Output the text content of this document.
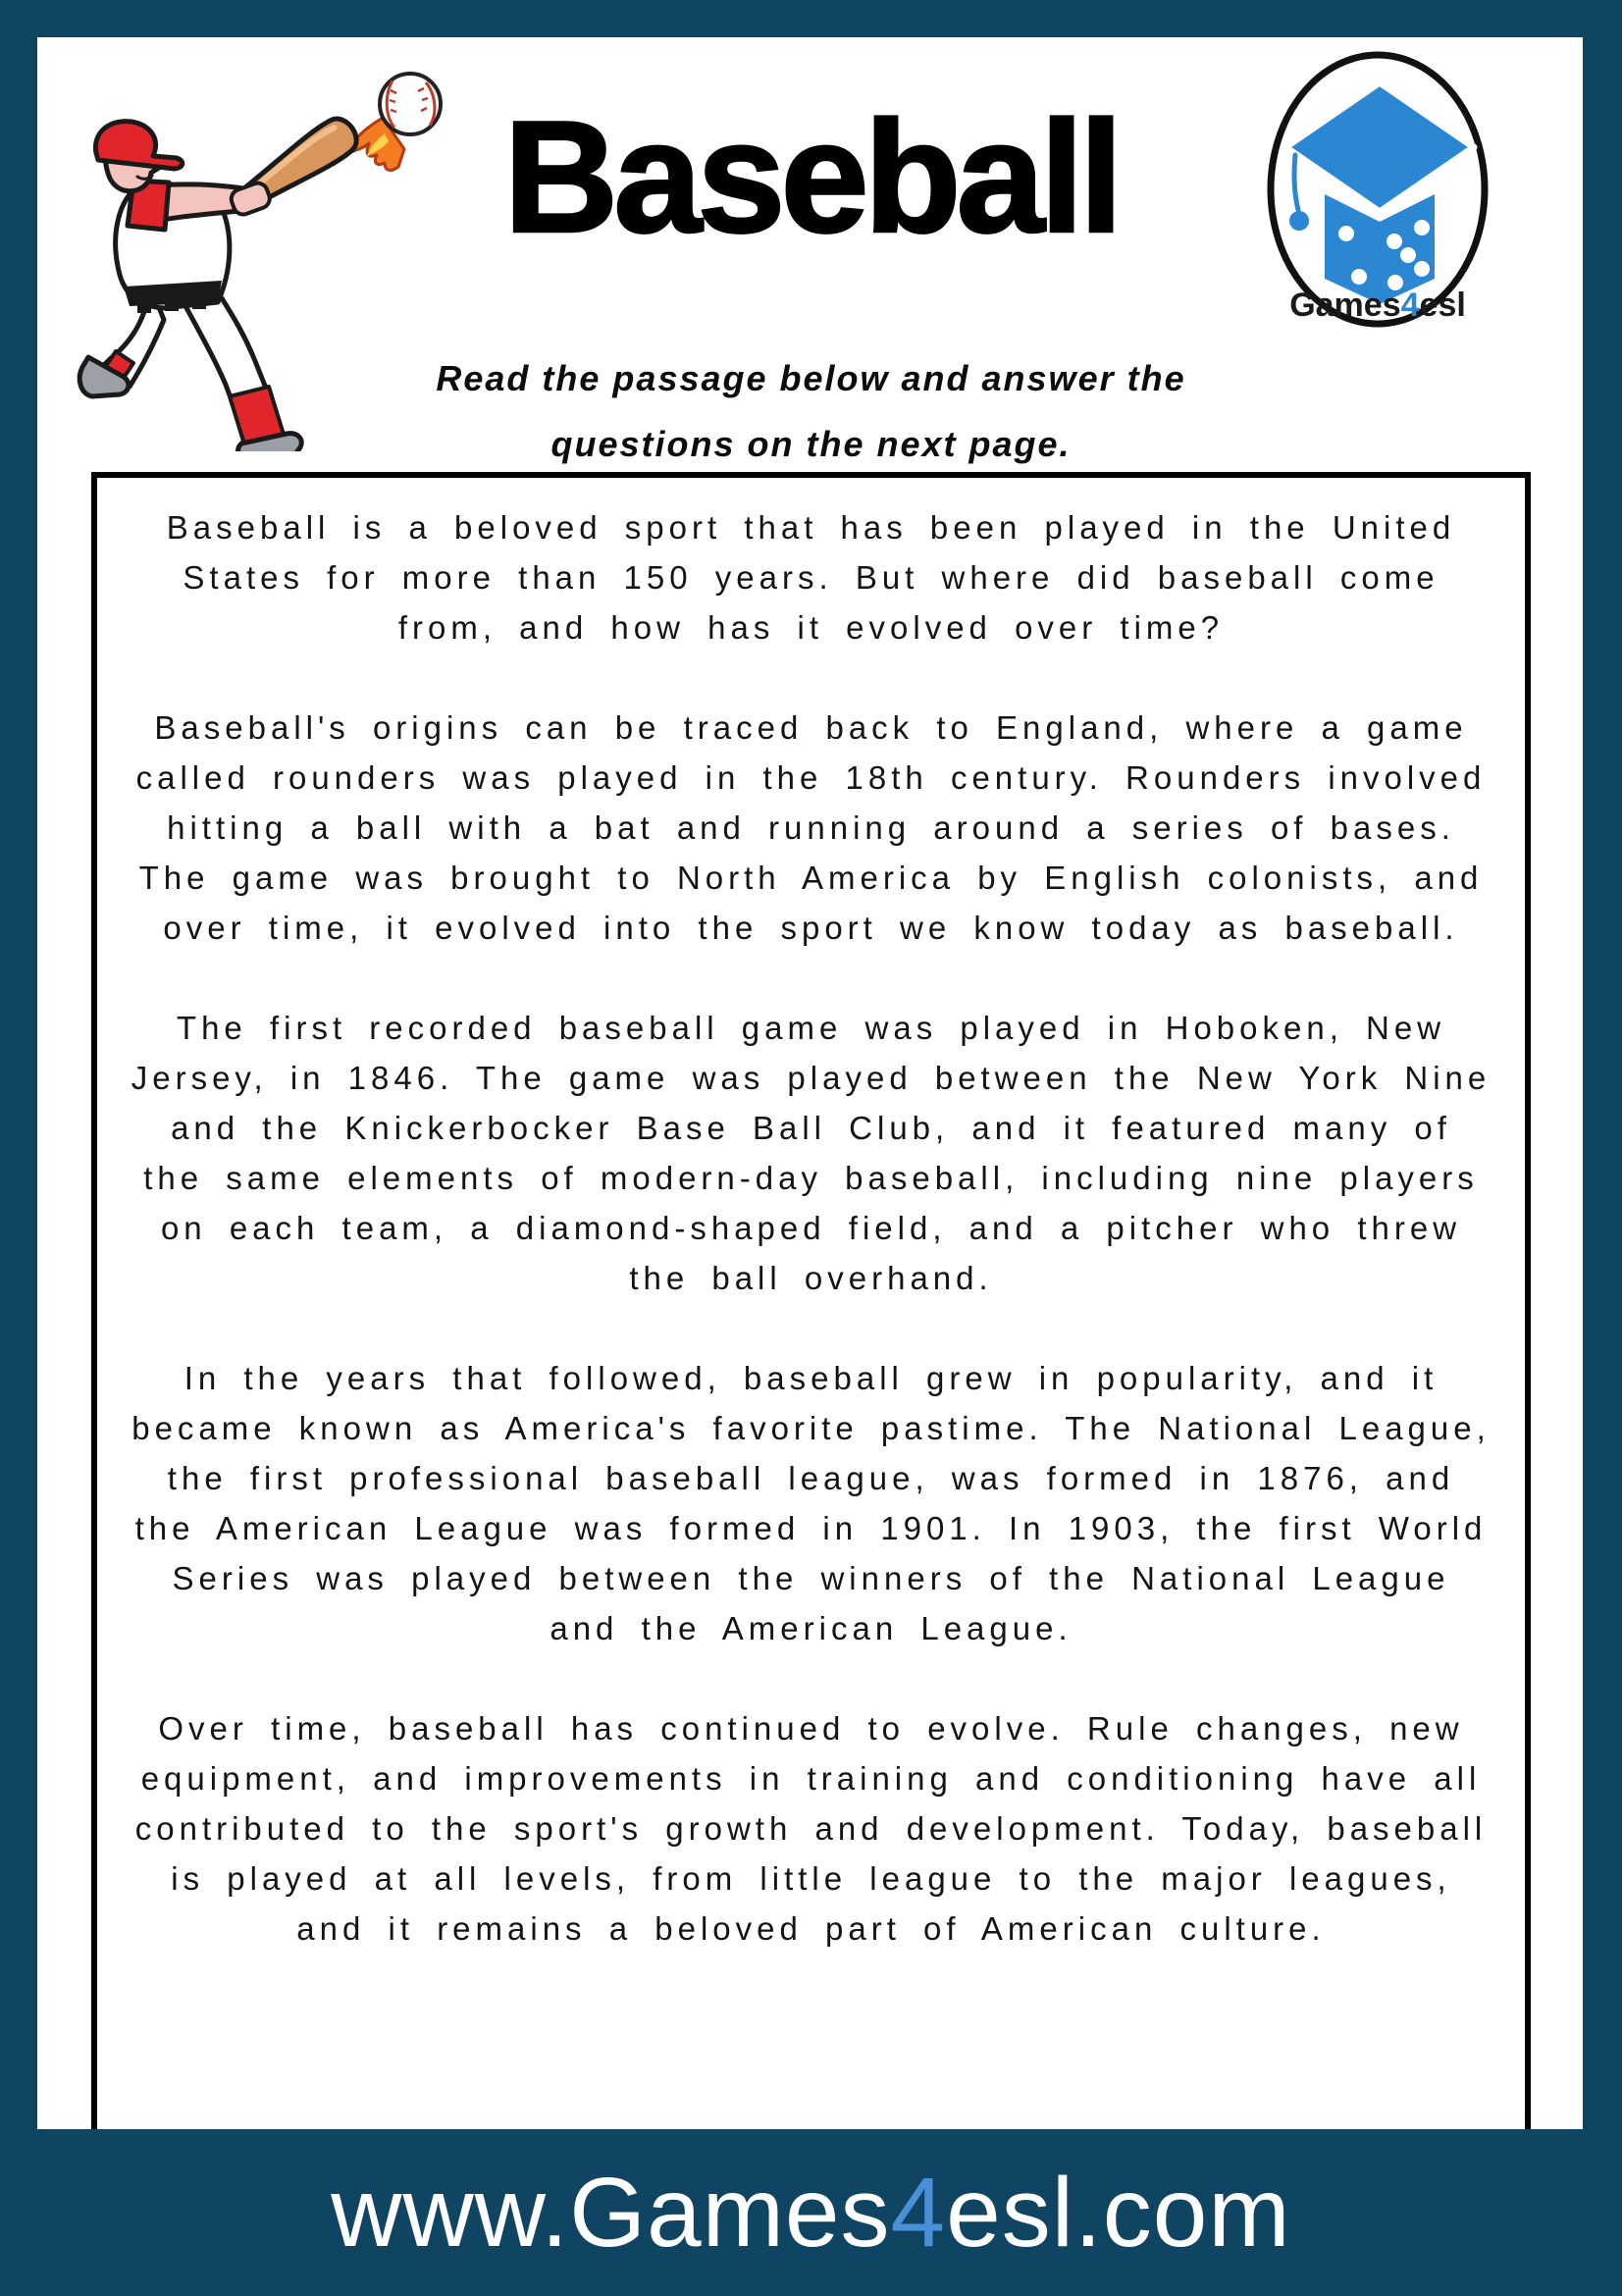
Baseball
Read the passage below and answer the
questions on the next page.
Games4esl

Baseball is a beloved sport that has been played in the United States for more than 150 years. But where did baseball come from, and how has it evolved over time?

Baseball's origins can be traced back to England, where a game called rounders was played in the 18th century. Rounders involved hitting a ball with a bat and running around a series of bases. The game was brought to North America by English colonists, and over time, it evolved into the sport we know today as baseball.

The first recorded baseball game was played in Hoboken, New Jersey, in 1846. The game was played between the New York Nine and the Knickerbocker Base Ball Club, and it featured many of the same elements of modern-day baseball, including nine players on each team, a diamond-shaped field, and a pitcher who threw the ball overhand.

In the years that followed, baseball grew in popularity, and it became known as America's favorite pastime. The National League, the first professional baseball league, was formed in 1876, and the American League was formed in 1901. In 1903, the first World Series was played between the winners of the National League and the American League.

Over time, baseball has continued to evolve. Rule changes, new equipment, and improvements in training and conditioning have all contributed to the sport's growth and development. Today, baseball is played at all levels, from little league to the major leagues, and it remains a beloved part of American culture.

www.Games4esl.com
